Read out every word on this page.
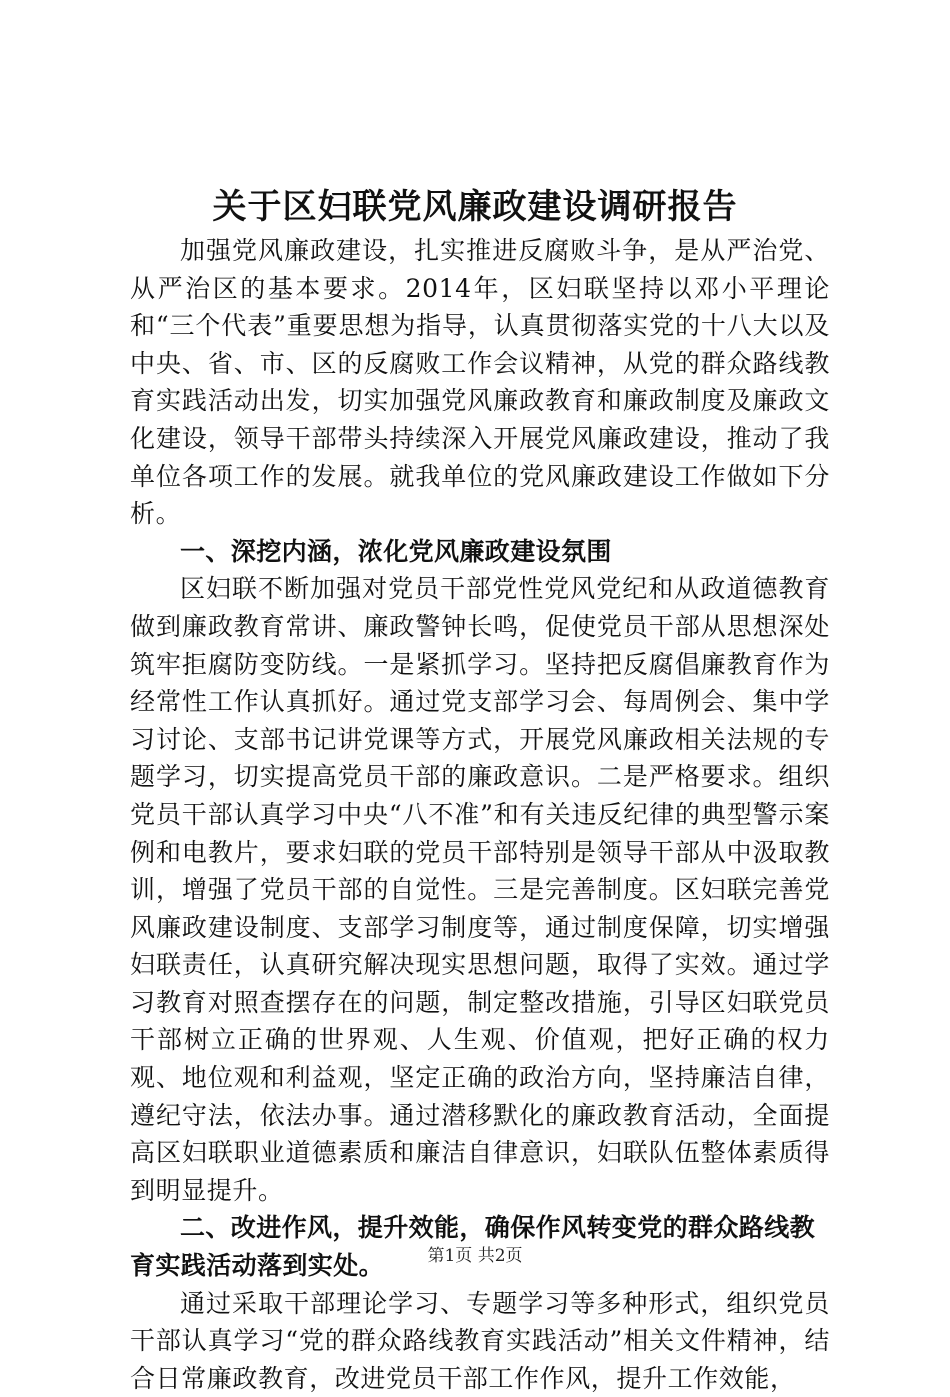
关于区妇联党风廉政建设调研报告

加强党风廉政建设，扎实推进反腐败斗争，是从严治党、从严治区的基本要求。2014年，区妇联坚持以邓小平理论和“三个代表”重要思想为指导，认真贯彻落实党的十八大以及中央、省、市、区的反腐败工作会议精神，从党的群众路线教育实践活动出发，切实加强党风廉政教育和廉政制度及廉政文化建设，领导干部带头持续深入开展党风廉政建设，推动了我单位各项工作的发展。就我单位的党风廉政建设工作做如下分析。

一、深挖内涵，浓化党风廉政建设氛围

区妇联不断加强对党员干部党性党风党纪和从政道德教育做到廉政教育常讲、廉政警钟长鸣，促使党员干部从思想深处筑牢拒腐防变防线。一是紧抓学习。坚持把反腐倡廉教育作为经常性工作认真抓好。通过党支部学习会、每周例会、集中学习讨论、支部书记讲党课等方式，开展党风廉政相关法规的专题学习，切实提高党员干部的廉政意识。二是严格要求。组织党员干部认真学习中央“八不准”和有关违反纪律的典型警示案例和电教片，要求妇联的党员干部特别是领导干部从中汲取教训，增强了党员干部的自觉性。三是完善制度。区妇联完善党风廉政建设制度、支部学习制度等，通过制度保障，切实增强妇联责任，认真研究解决现实思想问题，取得了实效。通过学习教育对照查摆存在的问题，制定整改措施，引导区妇联党员干部树立正确的世界观、人生观、价值观，把好正确的权力观、地位观和利益观，坚定正确的政治方向，坚持廉洁自律，遵纪守法，依法办事。通过潜移默化的廉政教育活动，全面提高区妇联职业道德素质和廉洁自律意识，妇联队伍整体素质得到明显提升。

二、改进作风，提升效能，确保作风转变党的群众路线教育实践活动落到实处。

通过采取干部理论学习、专题学习等多种形式，组织党员干部认真学习“党的群众路线教育实践活动”相关文件精神，结合日常廉政教育，改进党员干部工作作风，提升工作效能，

第1页 共2页
